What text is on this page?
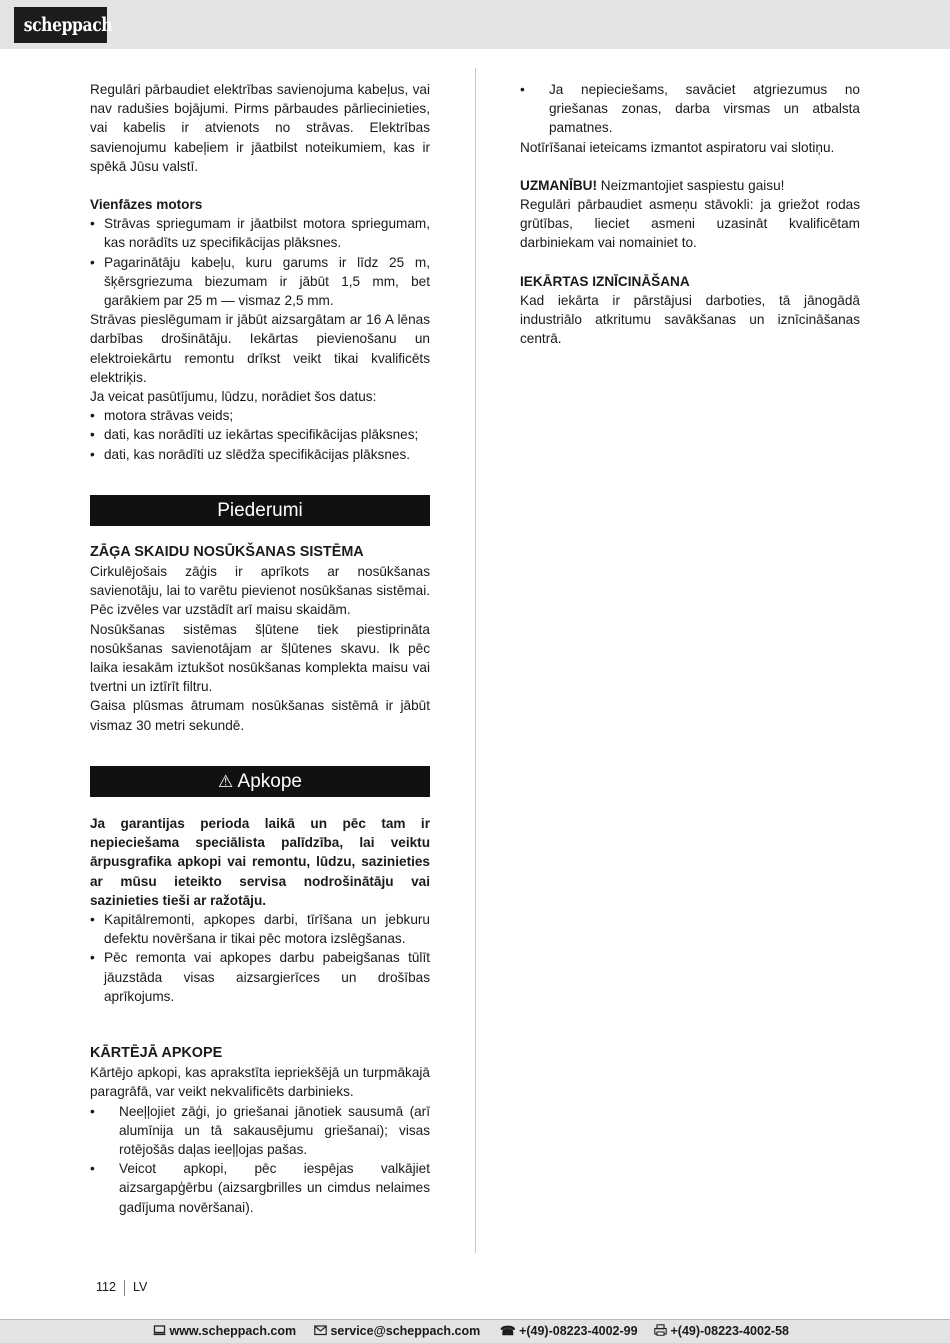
scheppach

Regulāri pārbaudiet elektrības savienojuma kabeļus, vai nav radušies bojājumi. Pirms pārbaudes pārliecinieties, vai kabelis ir atvienots no strāvas. Elektrības savienojumu kabeļiem ir jāatbilst noteikumiem, kas ir spēkā Jūsu valstī.

Vienfāzes motors

• Strāvas spriegumam ir jāatbilst motora spriegumam, kas norādīts uz specifikācijas plāksnes.
• Pagarinātāju kabeļu, kuru garums ir līdz 25 m, šķērsgriezuma biezumam ir jābūt 1,5 mm, bet garākiem par 25 m — vismaz 2,5 mm.

Strāvas pieslēgumam ir jābūt aizsargātam ar 16 A lēnas darbības drošinātāju. Iekārtas pievienošanu un elektroiekārtu remontu drīkst veikt tikai kvalificēts elektriķis.

Ja veicat pasūtījumu, lūdzu, norādiet šos datus:

• motora strāvas veids;
• dati, kas norādīti uz iekārtas specifikācijas plāksnes;
• dati, kas norādīti uz slēdža specifikācijas plāksnes.
Piederumi

ZĀĢA SKAIDU NOSŪKŠANAS SISTĒMA

Cirkulējošais zāģis ir aprīkots ar nosūkšanas savienotāju, lai to varētu pievienot nosūkšanas sistēmai. Pēc izvēles var uzstādīt arī maisu skaidām.

Nosūkšanas sistēmas šļūtene tiek piestiprināta nosūkšanas savienotājam ar šļūtenes skavu. Ik pēc laika iesakām iztukšot nosūkšanas komplekta maisu vai tvertni un iztīrīt filtru.

Gaisa plūsmas ātrumam nosūkšanas sistēmā ir jābūt vismaz 30 metri sekundē.

⚠ Apkope

Ja garantijas perioda laikā un pēc tam ir nepieciešama speciālista palīdzība, lai veiktu ārpusgrafika apkopi vai remontu, lūdzu, sazinieties ar mūsu ieteikto servisa nodrošinātāju vai sazinieties tieši ar ražotāju.

• Kapitālremonti, apkopes darbi, tīrīšana un jebkuru defektu novēršana ir tikai pēc motora izslēgšanas.
• Pēc remonta vai apkopes darbu pabeigšanas tūlīt jāuzstāda visas aizsargierīces un drošības aprīkojums.

KĀRTĒJĀ APKOPE

Kārtējo apkopi, kas aprakstīta iepriekšējā un turpmākajā paragrāfā, var veikt nekvalificēts darbinieks.

•	Neeļļojiet zāģi, jo griešanai jānotiek sausumā (arī alumīnija un tā sakausējumu griešanai); visas rotējošās daļas ieeļļojas pašas.
•	Veicot apkopi, pēc iespējas valkājiet aizsargapģērbu (aizsargbrilles un cimdus nelaimes gadījuma novēršanai).
•	Ja nepieciešams, savāciet atgriezumus no griešanas zonas, darba virsmas un atbalsta pamatnes.

Notīrīšanai ieteicams izmantot aspiratoru vai slotiņu.

UZMANĪBU! Neizmantojiet saspiestu gaisu!

Regulāri pārbaudiet asmeņu stāvokli: ja griežot rodas grūtības, lieciet asmeni uzasināt kvalificētam darbiniekam vai nomainiet to.

IEKĀRTAS IZNĪCINĀŠANA

Kad iekārta ir pārstājusi darboties, tā jānogādā industriālo atkritumu savākšanas un iznīcināšanas centrā.

112 LV
www.scheppach.com	service@scheppach.com ☎ +(49)-08223-4002-99	+(49)-08223-4002-58
